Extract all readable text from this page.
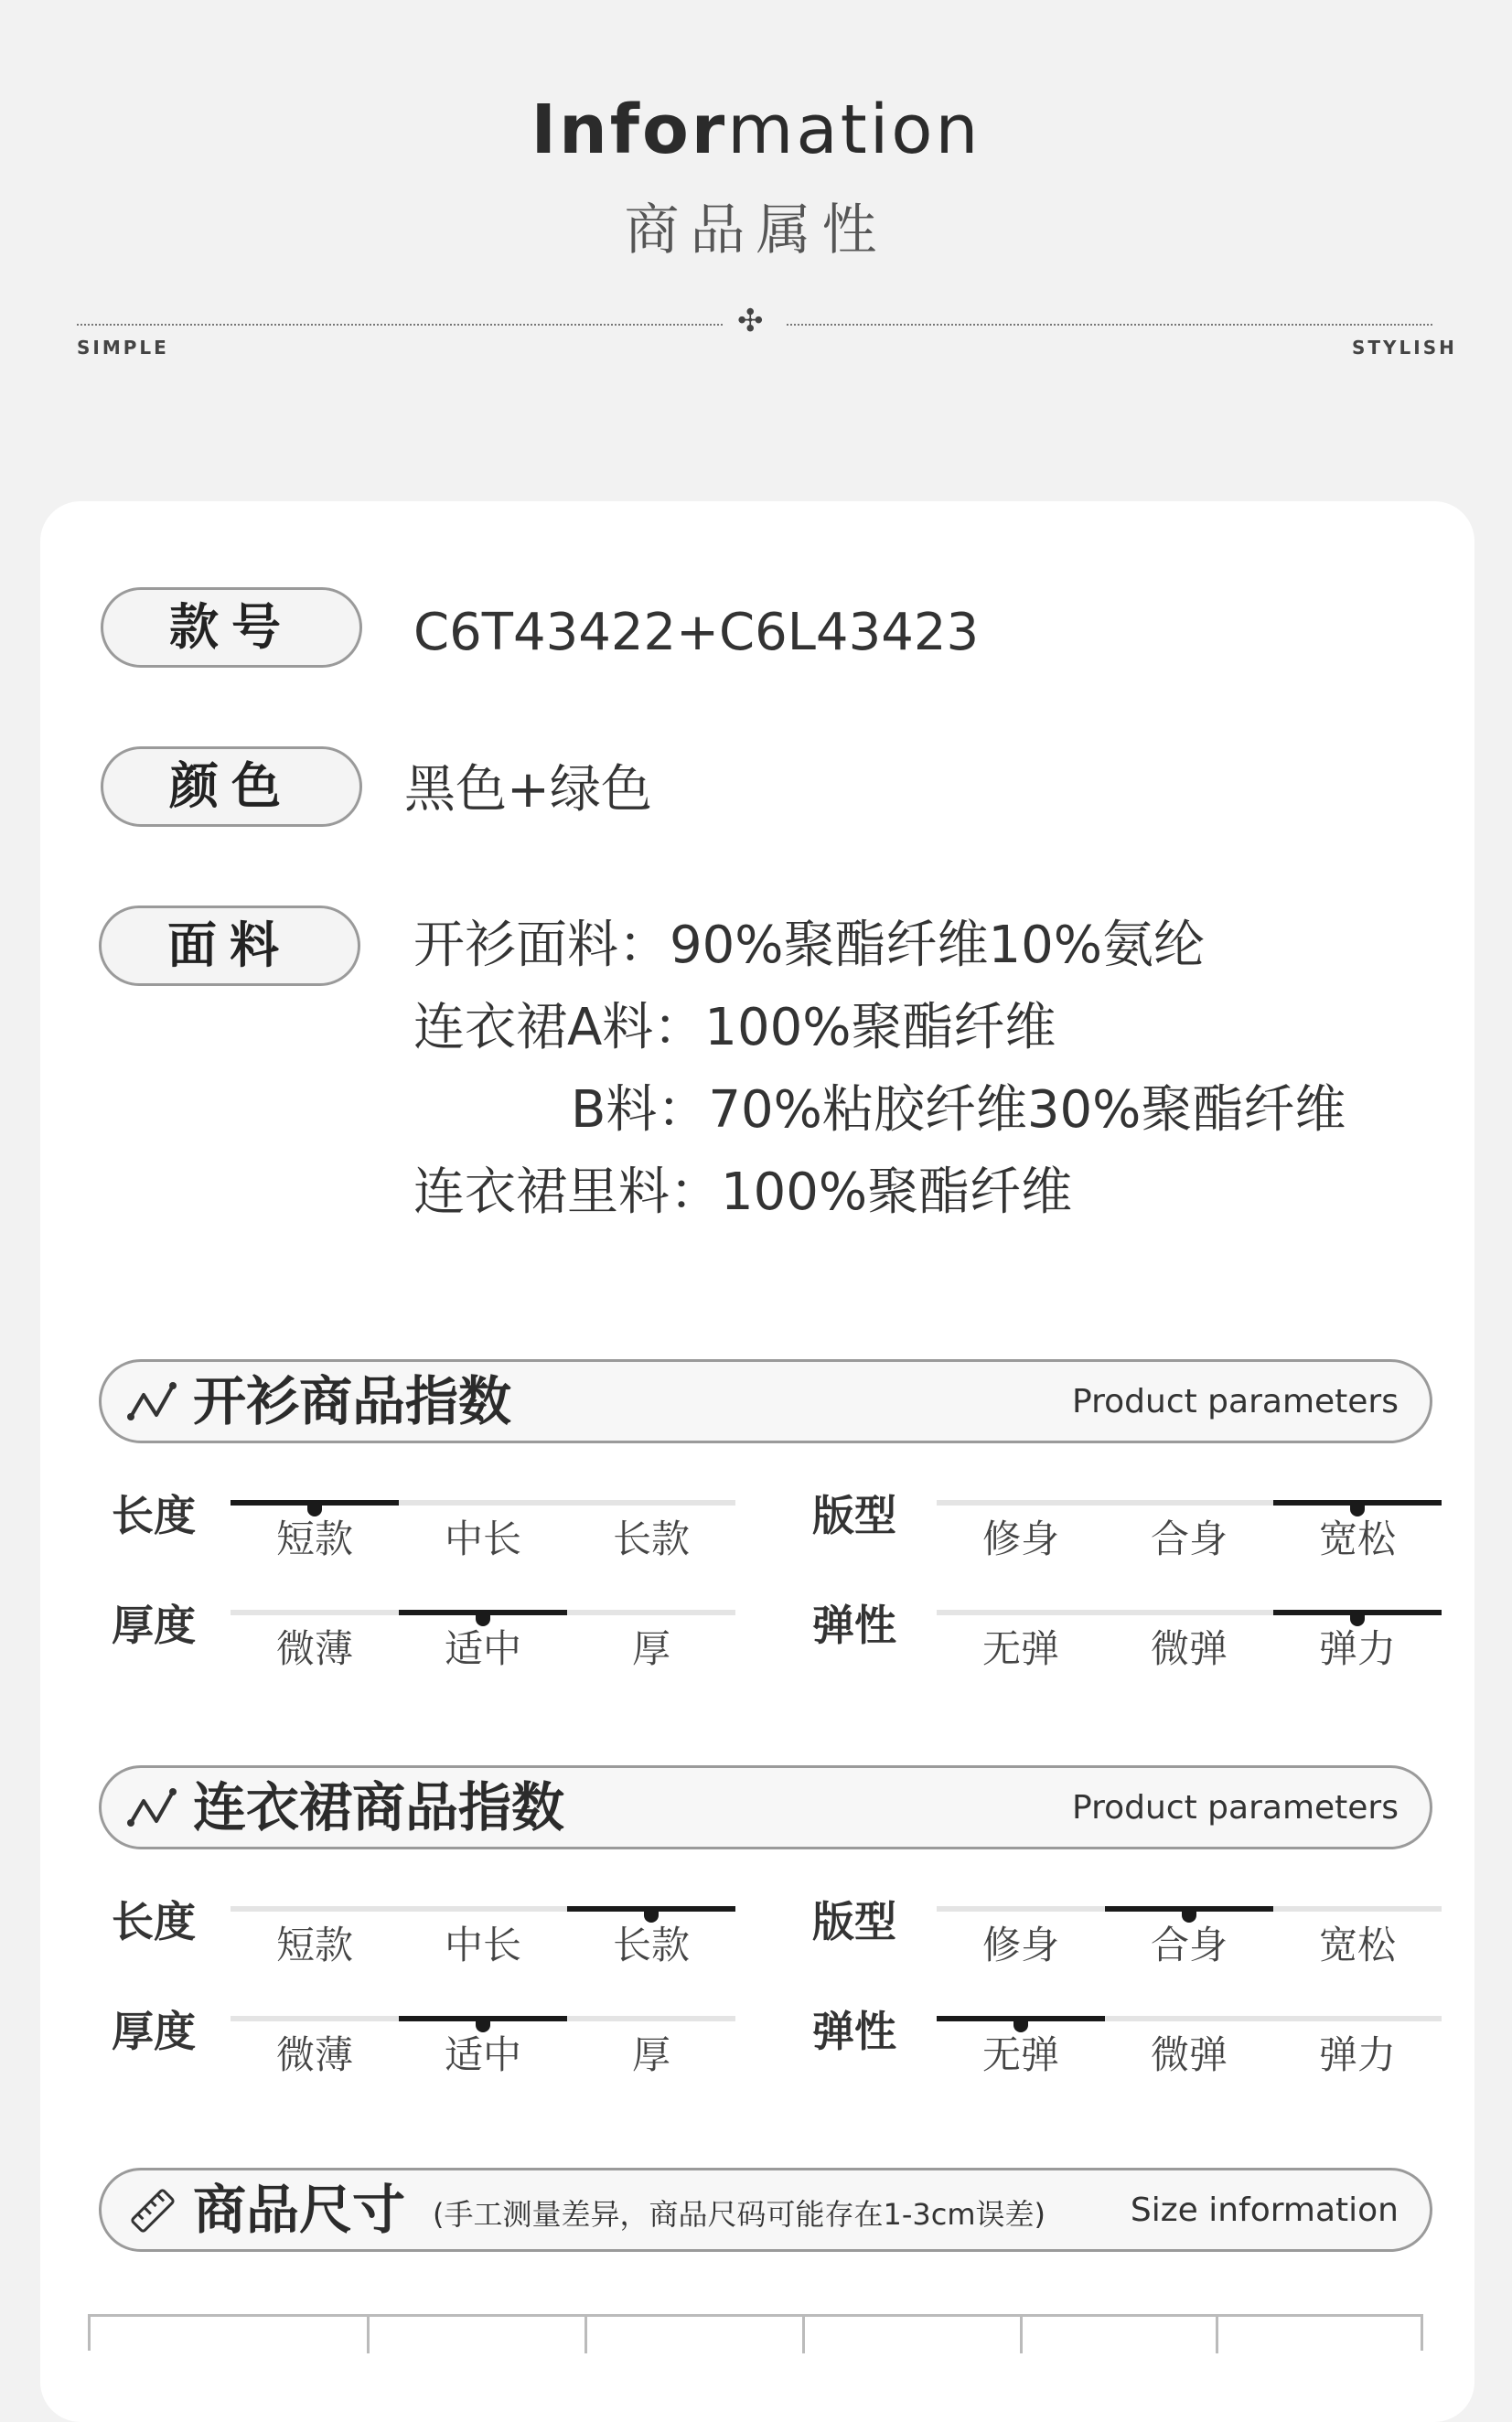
Information
商品属性
✣
SIMPLE	STYLISH
款号	C6T43422+C6L43423
颜色	黑色+绿色
面料	开衫面料：90%聚酯纤维10%氨纶
连衣裙A料：100%聚酯纤维
B料：70%粘胶纤维30%聚酯纤维
连衣裙里料：100%聚酯纤维
开衫商品指数	Product parameters
连衣裙商品指数	Product parameters
商品尺寸 (手工测量差异，商品尺码可能存在1-3cm误差)	Size information
长度	短款	中长	长款	版型	修身	合身	宽松
厚度	微薄	适中	厚	弹性	无弹	微弹	弹力
长度	短款	中长	长款	版型	修身	合身	宽松
厚度	微薄	适中	厚	弹性	无弹	微弹	弹力
